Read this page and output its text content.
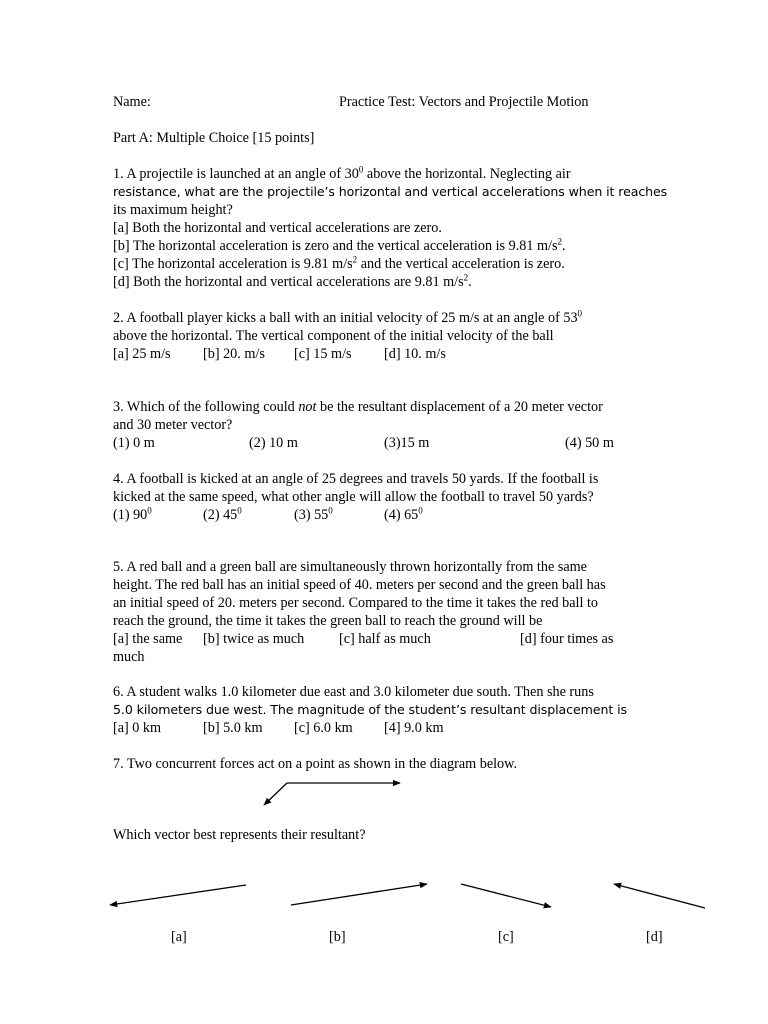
Name:	Practice Test: Vectors and Projectile Motion
Part A: Multiple Choice [15 points]
1. A projectile is launched at an angle of $30^0$ above the horizontal. Neglecting air
resistance, what are the projectile’s horizontal and vertical accelerations when it reaches
its maximum height?
[a] Both the horizontal and vertical accelerations are zero.
[b] The horizontal acceleration is zero and the vertical acceleration is 9.81 $m/s^2$.
[c] The horizontal acceleration is 9.81 $m/s^2$ and the vertical acceleration is zero.
[d] Both the horizontal and vertical accelerations are 9.81 $m/s^2$.
2. A football player kicks a ball with an initial velocity of 25 m/s at an angle of $53^0$
above the horizontal. The vertical component of the initial velocity of the ball
[a] 25 m/s [b] 20. m/s [c] 15 m/s [d] 10. m/s
3. Which of the following could not be the resultant displacement of a 20 meter vector
and 30 meter vector?
(1) 0 m	(2) 10 m	(3)15 m	(4) 50 m
4. A football is kicked at an angle of 25 degrees and travels 50 yards. If the football is
kicked at the same speed, what other angle will allow the football to travel 50 yards?
(1) $90^0$	(2) $45^0$	(3) $55^0$	(4) $65^0$
5. A red ball and a green ball are simultaneously thrown horizontally from the same
height. The red ball has an initial speed of 40. meters per second and the green ball has
an initial speed of 20. meters per second. Compared to the time it takes the red ball to
reach the ground, the time it takes the green ball to reach the ground will be
[a] the same [b] twice as much [c] half as much	[d] four times as
much
6. A student walks 1.0 kilometer due east and 3.0 kilometer due south. Then she runs
5.0 kilometers due west. The magnitude of the student’s resultant displacement is
[a] 0 km	[b] 5.0 km [c] 6.0 km [4] 9.0 km
7. Two concurrent forces act on a point as shown in the diagram below.
Which vector best represents their resultant?
[a]	[b]	[c]	[d]
